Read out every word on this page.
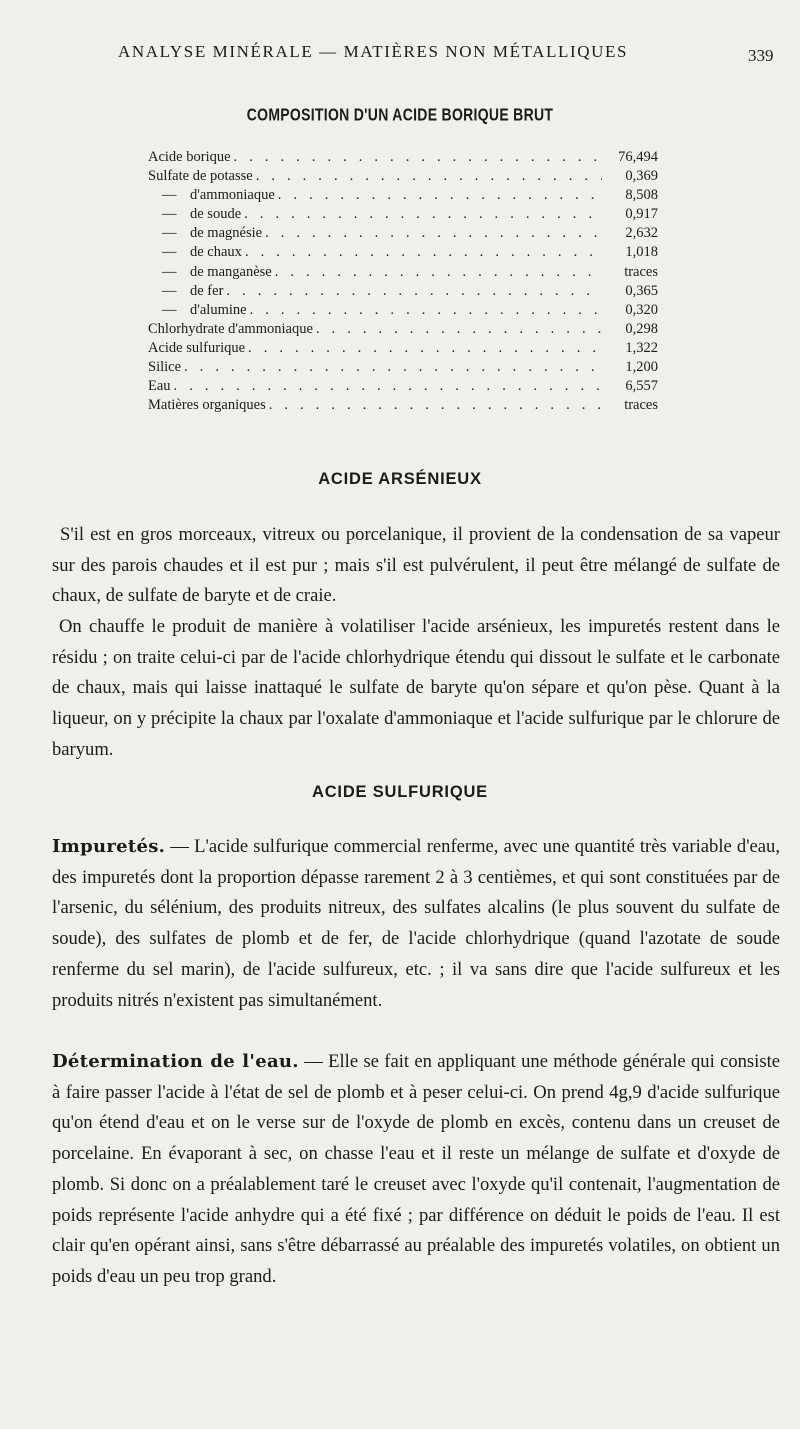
ANALYSE MINÉRALE — MATIÈRES NON MÉTALLIQUES	339
COMPOSITION D'UN ACIDE BORIQUE BRUT
Acide borique . . .	76,494
Sulfate de potasse . . .	0,369
— d'ammoniaque . . .	8,508
— de soude . . .	0,917
— de magnésie . . .	2,632
— de chaux . . .	1,018
— de manganèse . . .	traces
— de fer . . .	0,365
— d'alumine . . .	0,320
Chlorhydrate d'ammoniaque . . .	0,298
Acide sulfurique . . .	1,322
Silice . . .	1,200
Eau . . .	6,557
Matières organiques . . .	traces
ACIDE ARSÉNIEUX

S'il est en gros morceaux, vitreux ou porcelanique, il provient de la condensation de sa vapeur sur des parois chaudes et il est pur ; mais s'il est pulvérulent, il peut être mélangé de sulfate de chaux, de sulfate de baryte et de craie.

On chauffe le produit de manière à volatiliser l'acide arsénieux, les impuretés restent dans le résidu ; on traite celui-ci par de l'acide chlorhydrique étendu qui dissout le sulfate et le carbonate de chaux, mais qui laisse inattaqué le sulfate de baryte qu'on sépare et qu'on pèse. Quant à la liqueur, on y précipite la chaux par l'oxalate d'ammoniaque et l'acide sulfurique par le chlorure de baryum.

ACIDE SULFURIQUE

Impuretés. — L'acide sulfurique commercial renferme, avec une quantité très variable d'eau, des impuretés dont la proportion dépasse rarement 2 à 3 centièmes, et qui sont constituées par de l'arsenic, du sélénium, des produits nitreux, des sulfates alcalins (le plus souvent du sulfate de soude), des sulfates de plomb et de fer, de l'acide chlorhydrique (quand l'azotate de soude renferme du sel marin), de l'acide sulfureux, etc. ; il va sans dire que l'acide sulfureux et les produits nitrés n'existent pas simultanément.

Détermination de l'eau. — Elle se fait en appliquant une méthode générale qui consiste à faire passer l'acide à l'état de sel de plomb et à peser celui-ci. On prend 4g,9 d'acide sulfurique qu'on étend d'eau et on le verse sur de l'oxyde de plomb en excès, contenu dans un creuset de porcelaine. En évaporant à sec, on chasse l'eau et il reste un mélange de sulfate et d'oxyde de plomb. Si donc on a préalablement taré le creuset avec l'oxyde qu'il contenait, l'augmentation de poids représente l'acide anhydre qui a été fixé ; par différence on déduit le poids de l'eau. Il est clair qu'en opérant ainsi, sans s'être débarrassé au préalable des impuretés volatiles, on obtient un poids d'eau un peu trop grand.
